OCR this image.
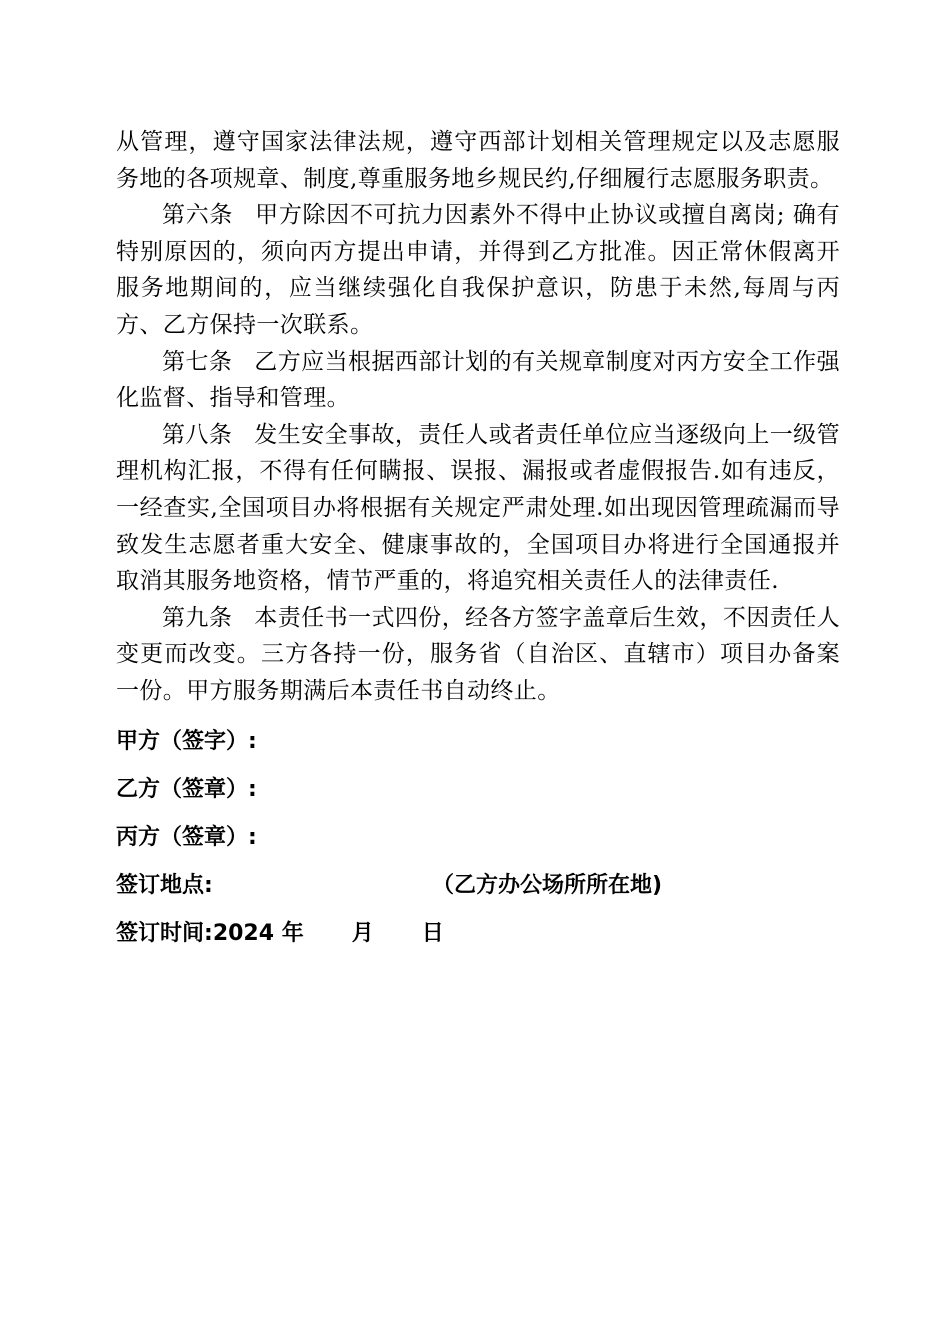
从管理，遵守国家法律法规，遵守西部计划相关管理规定以及志愿服务地的各项规章、制度,尊重服务地乡规民约,仔细履行志愿服务职责。

第六条 甲方除因不可抗力因素外不得中止协议或擅自离岗; 确有特别原因的，须向丙方提出申请，并得到乙方批准。因正常休假离开服务地期间的，应当继续强化自我保护意识，防患于未然,每周与丙方、乙方保持一次联系。

第七条 乙方应当根据西部计划的有关规章制度对丙方安全工作强化监督、指导和管理。

第八条 发生安全事故，责任人或者责任单位应当逐级向上一级管理机构汇报，不得有任何瞒报、误报、漏报或者虚假报告.如有违反，一经查实,全国项目办将根据有关规定严肃处理.如出现因管理疏漏而导致发生志愿者重大安全、健康事故的，全国项目办将进行全国通报并取消其服务地资格，情节严重的，将追究相关责任人的法律责任.

第九条 本责任书一式四份，经各方签字盖章后生效，不因责任人变更而改变。三方各持一份，服务省（自治区、直辖市）项目办备案一份。甲方服务期满后本责任书自动终止。

甲方（签字）:
乙方（签章）:
丙方（签章）:
签订地点:	（乙方办公场所所在地)
签订时间:2024 年 月 日
